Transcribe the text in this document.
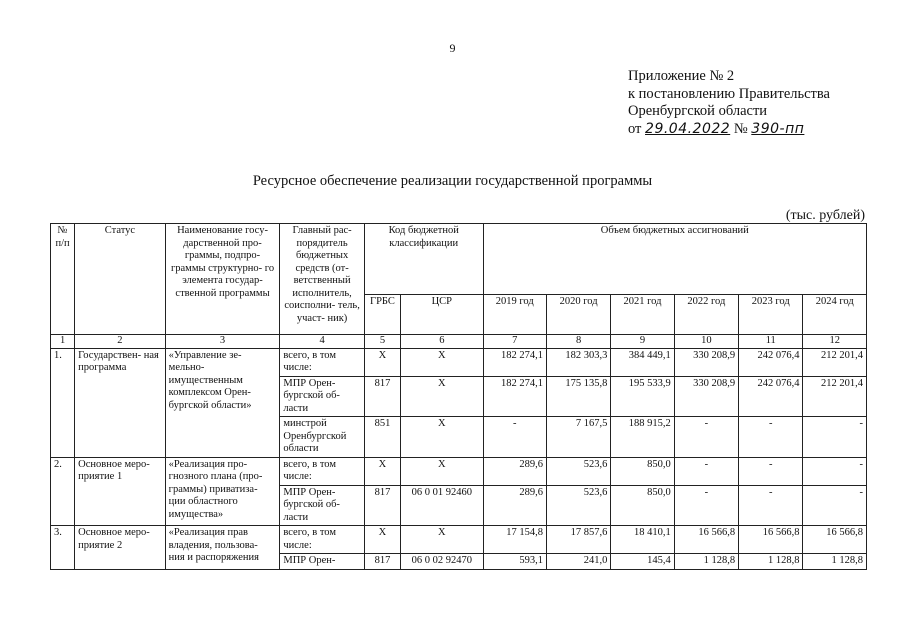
9
Приложение № 2
к постановлению Правительства
Оренбургской области
от 29.04.2022 № 390-пп
Ресурсное обеспечение реализации государственной программы
(тыс. рублей)
№ п/п	Статус	Наименование госу- дарственной про- граммы, подпро- граммы структурно- го элемента государ- ственной программы	Главный рас- порядитель бюджетных средств (от- ветственный исполнитель, соисполни- тель, участ- ник)	Код бюджетной классификации		Объем бюджетных ассигнований					
				ГРБС	ЦСР	2019 год	2020 год	2021 год	2022 год	2023 год	2024 год
1	2	3	4	5	6	7	8	9	10	11	12
1.	Государствен- ная программа	«Управление зе- мельно- имущественным комплексом Орен- бургской области»	всего, в том числе:	X	X	182 274,1	182 303,3	384 449,1	330 208,9	242 076,4	212 201,4
			МПР Орен- бургской об- ласти	817	X	182 274,1	175 135,8	195 533,9	330 208,9	242 076,4	212 201,4
			минстрой Оренбургской области	851	X	-	7 167,5	188 915,2	-	-	-
2.	Основное меро- приятие 1	«Реализация про- гнозного плана (про- граммы) приватиза- ции областного имущества»	всего, в том числе:	X	X	289,6	523,6	850,0	-	-	-
			МПР Орен- бургской об- ласти	817	06 0 01 92460	289,6	523,6	850,0	-	-	-
3.	Основное меро- приятие 2	«Реализация прав владения, пользова- ния и распоряжения	всего, в том числе:	X	X	17 154,8	17 857,6	18 410,1	16 566,8	16 566,8	16 566,8
			МПР Орен-	817	06 0 02 92470	593,1	241,0	145,4	1 128,8	1 128,8	1 128,8
